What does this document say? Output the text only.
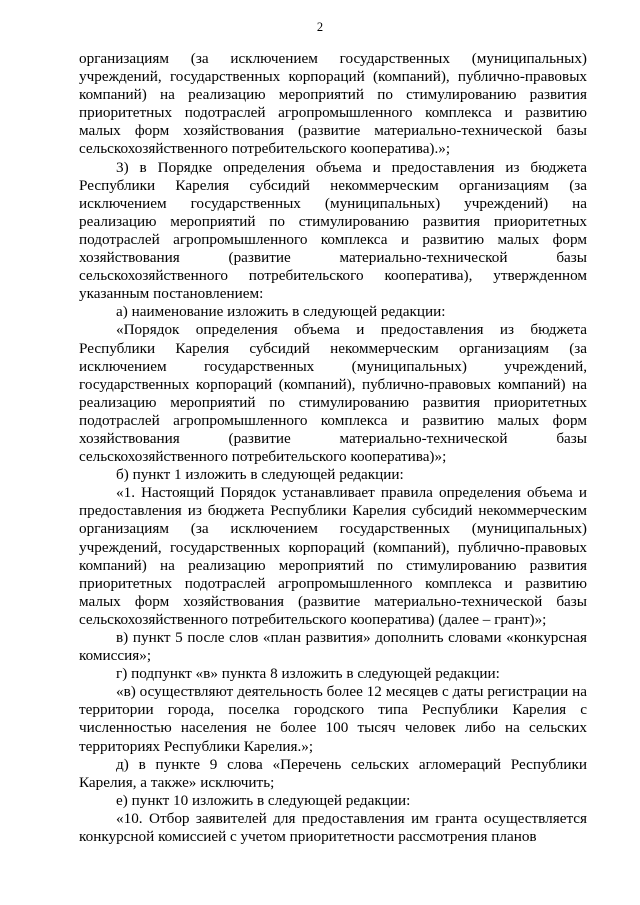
2

организациям (за исключением государственных (муниципальных) учреждений, государственных корпораций (компаний), публично-правовых компаний) на реализацию мероприятий по стимулированию развития приоритетных подотраслей агропромышленного комплекса и развитию малых форм хозяйствования (развитие материально-технической базы сельскохозяйственного потребительского кооператива).»;

3) в Порядке определения объема и предоставления из бюджета Республики Карелия субсидий некоммерческим организациям (за исключением государственных (муниципальных) учреждений) на реализацию мероприятий по стимулированию развития приоритетных подотраслей агропромышленного комплекса и развитию малых форм хозяйствования (развитие материально-технической базы сельскохозяйственного потребительского кооператива), утвержденном указанным постановлением:

а) наименование изложить в следующей редакции:

«Порядок определения объема и предоставления из бюджета Республики Карелия субсидий некоммерческим организациям (за исключением государственных (муниципальных) учреждений, государственных корпораций (компаний), публично-правовых компаний) на реализацию мероприятий по стимулированию развития приоритетных подотраслей агропромышленного комплекса и развитию малых форм хозяйствования (развитие материально-технической базы сельскохозяйственного потребительского кооператива)»;

б) пункт 1 изложить в следующей редакции:

«1. Настоящий Порядок устанавливает правила определения объема и предоставления из бюджета Республики Карелия субсидий некоммерческим организациям (за исключением государственных (муниципальных) учреждений, государственных корпораций (компаний), публично-правовых компаний) на реализацию мероприятий по стимулированию развития приоритетных подотраслей агропромышленного комплекса и развитию малых форм хозяйствования (развитие материально-технической базы сельскохозяйственного потребительского кооператива) (далее – грант)»;

в) пункт 5 после слов «план развития» дополнить словами «конкурсная комиссия»;

г) подпункт «в» пункта 8 изложить в следующей редакции:

«в) осуществляют деятельность более 12 месяцев с даты регистрации на территории города, поселка городского типа Республики Карелия с численностью населения не более 100 тысяч человек либо на сельских территориях Республики Карелия.»;

д) в пункте 9 слова «Перечень сельских агломераций Республики Карелия, а также» исключить;

е) пункт 10 изложить в следующей редакции:

«10. Отбор заявителей для предоставления им гранта осуществляется конкурсной комиссией с учетом приоритетности рассмотрения планов
